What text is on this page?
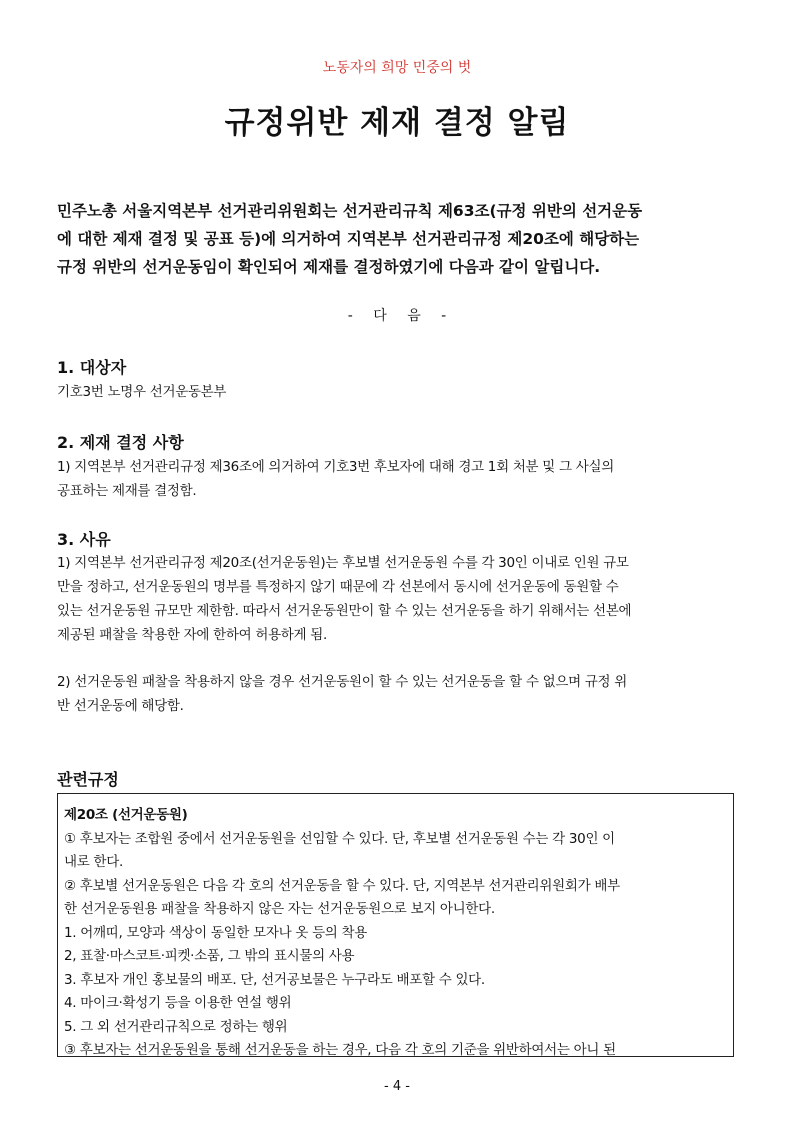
노동자의 희망 민중의 벗

규정위반 제재 결정 알림
민주노총 서울지역본부 선거관리위원회는 선거관리규칙 제63조(규정 위반의 선거운동
에 대한 제재 결정 및 공표 등)에 의거하여 지역본부 선거관리규정 제20조에 해당하는
규정 위반의 선거운동임이 확인되어 제재를 결정하였기에 다음과 같이 알립니다.

- 다 음 -

1. 대상자
기호3번 노명우 선거운동본부
2. 제재 결정 사항
1) 지역본부 선거관리규정 제36조에 의거하여 기호3번 후보자에 대해 경고 1회 처분 및 그 사실의
공표하는 제재를 결정함.
3. 사유
1) 지역본부 선거관리규정 제20조(선거운동원)는 후보별 선거운동원 수를 각 30인 이내로 인원 규모
만을 정하고, 선거운동원의 명부를 특정하지 않기 때문에 각 선본에서 동시에 선거운동에 동원할 수
있는 선거운동원 규모만 제한함. 따라서 선거운동원만이 할 수 있는 선거운동을 하기 위해서는 선본에
제공된 패찰을 착용한 자에 한하여 허용하게 됨.
2) 선거운동원 패찰을 착용하지 않을 경우 선거운동원이 할 수 있는 선거운동을 할 수 없으며 규정 위
반 선거운동에 해당함.
관련규정
제20조 (선거운동원)
① 후보자는 조합원 중에서 선거운동원을 선임할 수 있다. 단, 후보별 선거운동원 수는 각 30인 이
내로 한다.
② 후보별 선거운동원은 다음 각 호의 선거운동을 할 수 있다. 단, 지역본부 선거관리위원회가 배부
한 선거운동원용 패찰을 착용하지 않은 자는 선거운동원으로 보지 아니한다.
1. 어깨띠, 모양과 색상이 동일한 모자나 옷 등의 착용
2, 표찰·마스코트·피켓·소품, 그 밖의 표시물의 사용
3. 후보자 개인 홍보물의 배포. 단, 선거공보물은 누구라도 배포할 수 있다.
4. 마이크·확성기 등을 이용한 연설 행위
5. 그 외 선거관리규칙으로 정하는 행위
③ 후보자는 선거운동원을 통해 선거운동을 하는 경우, 다음 각 호의 기준을 위반하여서는 아니 된

- 4 -
